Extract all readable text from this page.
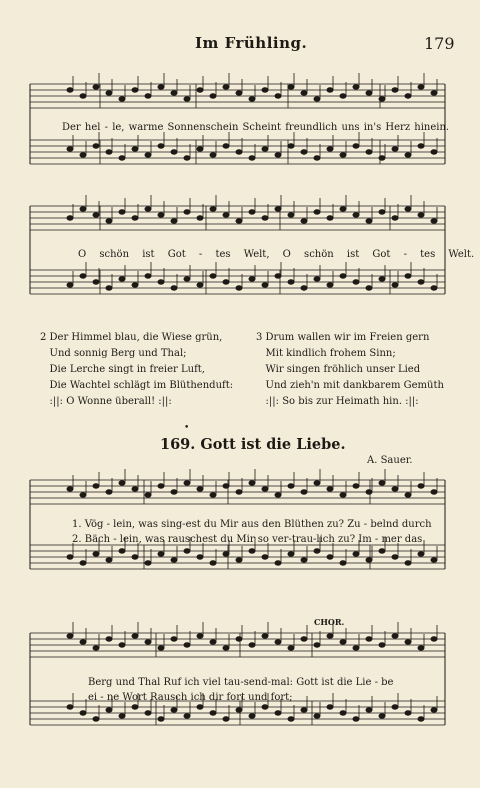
Im Frühling.	179
Der hel - le, warme Sonnenschein Scheint freundlich uns in's Herz hinein.
O schön ist Got - tes Welt, O schön ist Got - tes Welt.
2 Der Himmel blau, die Wiese grün,
Und sonnig Berg und Thal;
Die Lerche singt in freier Luft,
Die Wachtel schlägt im Blüthenduft:
:||: O Wonne überall! :||:
3 Drum wallen wir im Freien gern
Mit kindlich frohem Sinn;
Wir singen fröhlich unser Lied
Und zieh'n mit dankbarem Gemüth
:||: So bis zur Heimath hin. :||:
•
169. Gott ist die Liebe.
A. Sauer.
1. Vög - lein, was sing-est du Mir aus den Blüthen zu? Zu - belnd durch
2. Bäch - lein, was rauschest du Mir so ver-trau-lich zu? Im - mer das
CHOR.
Berg und Thal Ruf ich viel tau-send-mal: Gott ist die Lie - be
ei - ne Wort Rausch ich dir fort und fort;
